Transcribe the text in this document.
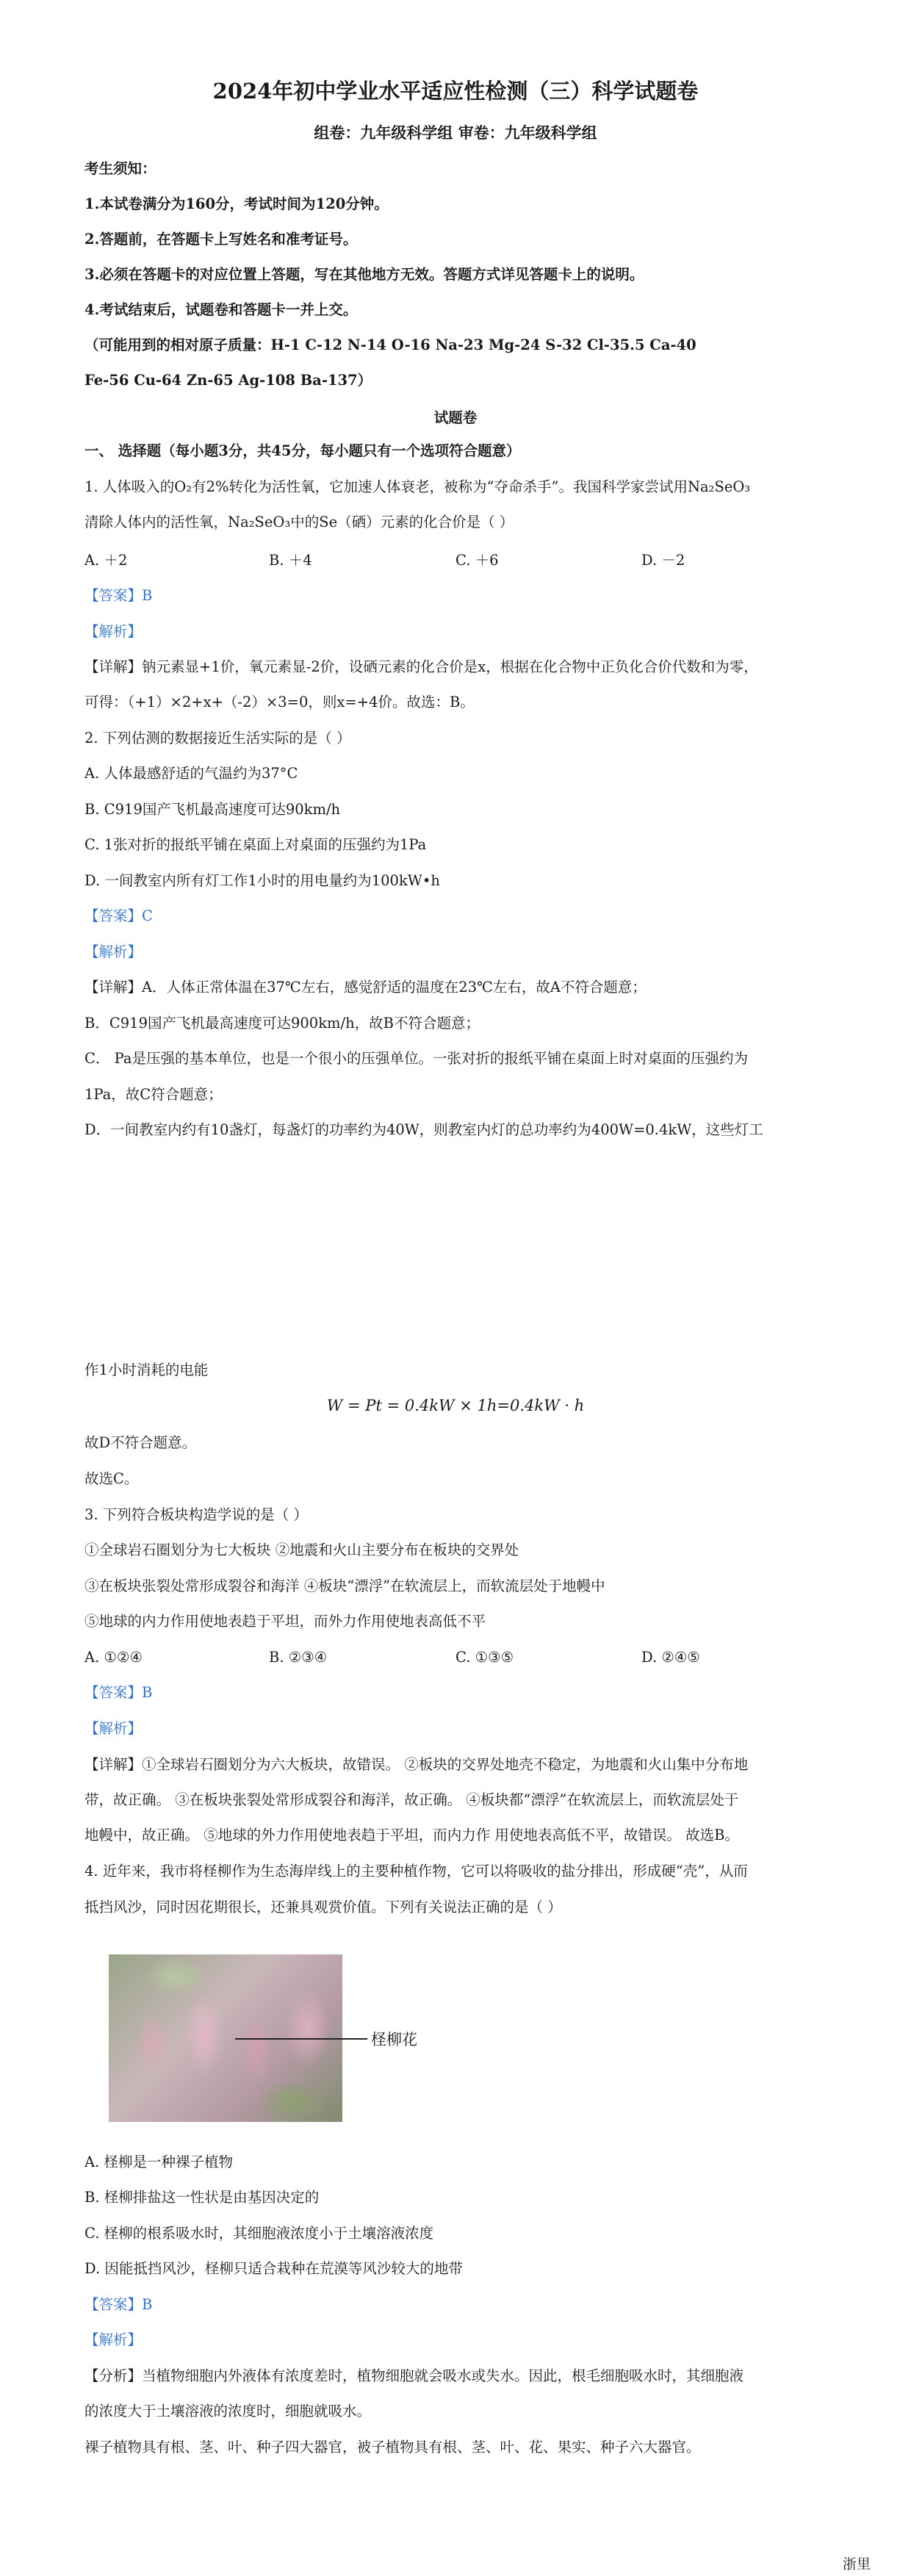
2024年初中学业水平适应性检测（三）科学试题卷
组卷：九年级科学组 审卷：九年级科学组
考生须知：
1.本试卷满分为160分，考试时间为120分钟。
2.答题前，在答题卡上写姓名和准考证号。
3.必须在答题卡的对应位置上答题，写在其他地方无效。答题方式详见答题卡上的说明。
4.考试结束后，试题卷和答题卡一并上交。
（可能用到的相对原子质量：H-1 C-12 N-14 O-16 Na-23 Mg-24 S-32 Cl-35.5 Ca-40
Fe-56 Cu-64 Zn-65 Ag-108 Ba-137）
试题卷
一、 选择题（每小题3分，共45分，每小题只有一个选项符合题意）
1. 人体吸入的O₂有2%转化为活性氧，它加速人体衰老，被称为“夺命杀手”。我国科学家尝试用Na₂SeO₃
清除人体内的活性氧，Na₂SeO₃中的Se（硒）元素的化合价是（ ）
A. ＋2	B. ＋4	C. ＋6	D. －2
【答案】B
【解析】
【详解】钠元素显+1价，氧元素显-2价，设硒元素的化合价是x，根据在化合物中正负化合价代数和为零，
可得：（+1）×2+x+（-2）×3=0，则x=+4价。故选：B。
2. 下列估测的数据接近生活实际的是（ ）
A. 人体最感舒适的气温约为37°C
B. C919国产飞机最高速度可达90km/h
C. 1张对折的报纸平铺在桌面上对桌面的压强约为1Pa
D. 一间教室内所有灯工作1小时的用电量约为100kW•h
【答案】C
【解析】
【详解】A．人体正常体温在37℃左右，感觉舒适的温度在23℃左右，故A不符合题意；
B．C919国产飞机最高速度可达900km/h，故B不符合题意；
C． Pa是压强的基本单位，也是一个很小的压强单位。一张对折的报纸平铺在桌面上时对桌面的压强约为
1Pa，故C符合题意；
D．一间教室内约有10盏灯，每盏灯的功率约为40W，则教室内灯的总功率约为400W=0.4kW，这些灯工
作1小时消耗的电能
W = Pt = 0.4kW × 1h=0.4kW · h
故D不符合题意。
故选C。
3. 下列符合板块构造学说的是（ ）
①全球岩石圈划分为七大板块 ②地震和火山主要分布在板块的交界处
③在板块张裂处常形成裂谷和海洋 ④板块“漂浮”在软流层上，而软流层处于地幔中
⑤地球的内力作用使地表趋于平坦，而外力作用使地表高低不平
A. ①②④	B. ②③④	C. ①③⑤	D. ②④⑤
【答案】B
【解析】
【详解】①全球岩石圈划分为六大板块，故错误。 ②板块的交界处地壳不稳定，为地震和火山集中分布地
带，故正确。 ③在板块张裂处常形成裂谷和海洋，故正确。 ④板块都“漂浮”在软流层上，而软流层处于
地幔中，故正确。 ⑤地球的外力作用使地表趋于平坦，而内力作 用使地表高低不平，故错误。 故选B。
4. 近年来，我市将柽柳作为生态海岸线上的主要种植作物，它可以将吸收的盐分排出，形成硬“壳”，从而
抵挡风沙，同时因花期很长，还兼具观赏价值。下列有关说法正确的是（ ）
柽柳花
A. 柽柳是一种裸子植物
B. 柽柳排盐这一性状是由基因决定的
C. 柽柳的根系吸水时，其细胞液浓度小于土壤溶液浓度
D. 因能抵挡风沙，柽柳只适合栽种在荒漠等风沙较大的地带
【答案】B
【解析】
【分析】当植物细胞内外液体有浓度差时，植物细胞就会吸水或失水。因此，根毛细胞吸水时，其细胞液
的浓度大于土壤溶液的浓度时，细胞就吸水。
裸子植物具有根、茎、叶、种子四大器官，被子植物具有根、茎、叶、花、果实、种子六大器官。
浙里
